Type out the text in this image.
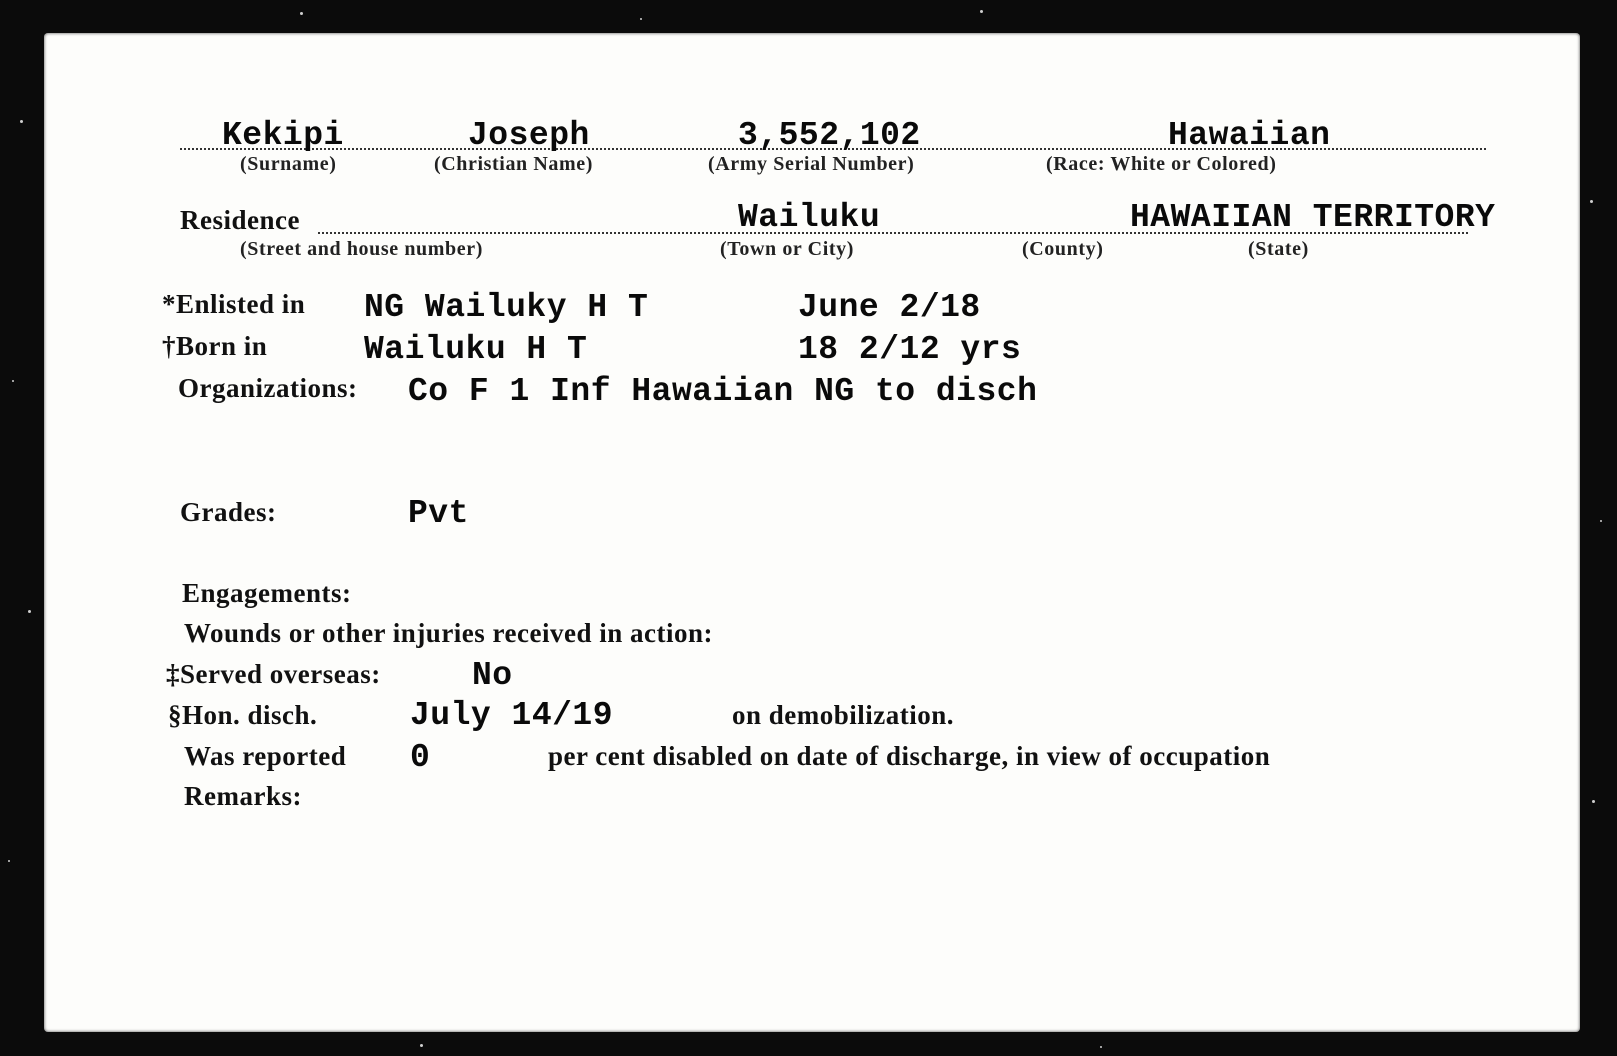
Kekipi
(Surname)
Joseph
(Christian Name)
3,552,102
(Army Serial Number)
Hawaiian
(Race: White or Colored)
Residence
(Street and house number)
Wailuku
(Town or City)	(County)
HAWAIIAN TERRITORY
(State)
*Enlisted in NG Wailuky H T	June 2/18
†Born in	Wailuku H T	18 2/12 yrs
Organizations: Co F 1 Inf Hawaiian NG to disch
Grades:	Pvt
Engagements:
Wounds or other injuries received in action:
‡Served overseas:	No
§Hon. disch.	July 14/19	on demobilization.
Was reported 0	per cent disabled on date of discharge, in view of occupation
Remarks:
